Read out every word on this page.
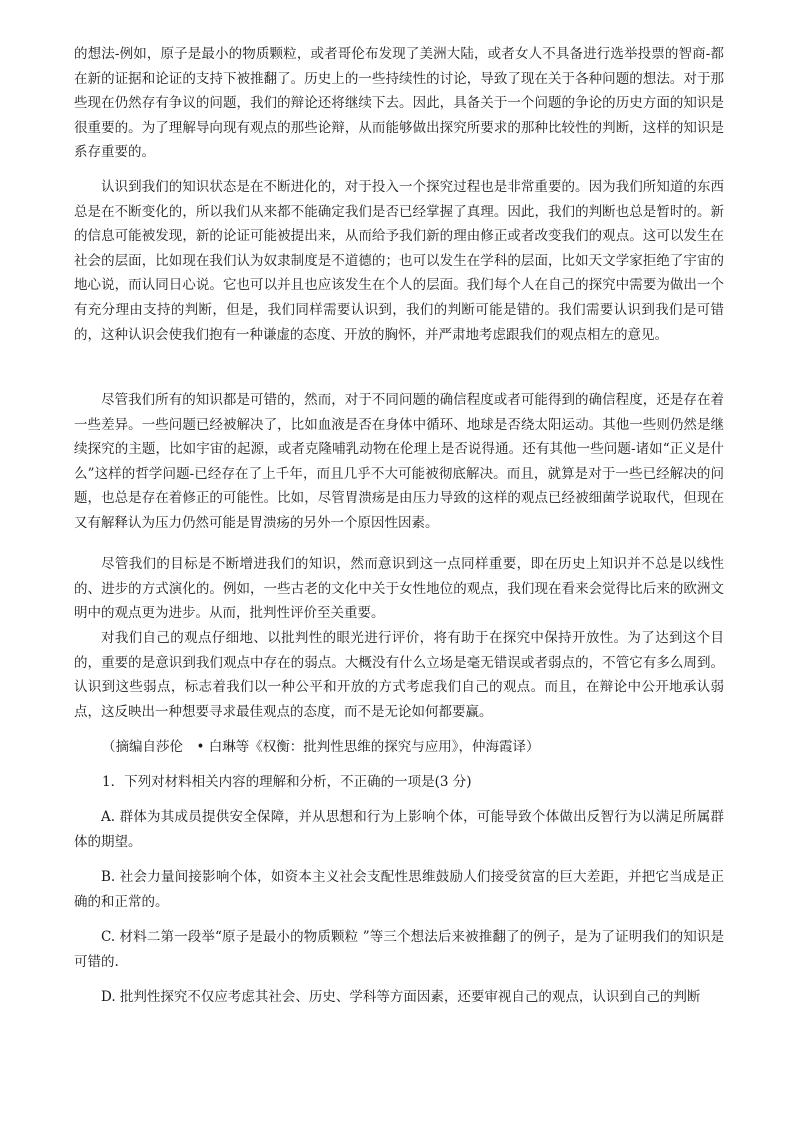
的想法-例如，原子是最小的物质颗粒，或者哥伦布发现了美洲大陆，或者女人不具备进行选举投票的智商-都在新的证据和论证的支持下被推翻了。历史上的一些持续性的讨论，导致了现在关于各种问题的想法。对于那些现在仍然存有争议的问题，我们的辩论还将继续下去。因此，具备关于一个问题的争论的历史方面的知识是很重要的。为了理解导向现有观点的那些论辩，从而能够做出探究所要求的那种比较性的判断，这样的知识是系存重要的。

认识到我们的知识状态是在不断进化的，对于投入一个探究过程也是非常重要的。因为我们所知道的东西总是在不断变化的，所以我们从来都不能确定我们是否已经掌握了真理。因此，我们的判断也总是暂时的。新的信息可能被发现，新的论证可能被提出来，从而给予我们新的理由修正或者改变我们的观点。这可以发生在社会的层面，比如现在我们认为奴隶制度是不道德的；也可以发生在学科的层面，比如天文学家拒绝了宇宙的地心说，而认同日心说。它也可以并且也应该发生在个人的层面。我们每个人在自己的探究中需要为做出一个有充分理由支持的判断，但是，我们同样需要认识到，我们的判断可能是错的。我们需要认识到我们是可错的，这种认识会使我们抱有一种谦虚的态度、开放的胸怀，并严肃地考虑跟我们的观点相左的意见。

尽管我们所有的知识都是可错的，然而，对于不同问题的确信程度或者可能得到的确信程度，还是存在着一些差异。一些问题已经被解决了，比如血液是否在身体中循环、地球是否绕太阳运动。其他一些则仍然是继续探究的主题，比如宇宙的起源，或者克隆哺乳动物在伦理上是否说得通。还有其他一些问题-诸如“正义是什么”这样的哲学问题-已经存在了上千年，而且几乎不大可能被彻底解决。而且，就算是对于一些已经解决的问题，也总是存在着修正的可能性。比如，尽管胃溃疡是由压力导致的这样的观点已经被细菌学说取代，但现在又有解释认为压力仍然可能是胃溃疡的另外一个原因性因素。

尽管我们的目标是不断增进我们的知识，然而意识到这一点同样重要，即在历史上知识并不总是以线性的、进步的方式演化的。例如，一些古老的文化中关于女性地位的观点，我们现在看来会觉得比后来的欧洲文明中的观点更为进步。从而，批判性评价至关重要。

对我们自己的观点仔细地、以批判性的眼光进行评价，将有助于在探究中保持开放性。为了达到这个目的，重要的是意识到我们观点中存在的弱点。大概没有什么立场是毫无错误或者弱点的，不管它有多么周到。认识到这些弱点，标志着我们以一种公平和开放的方式考虑我们自己的观点。而且，在辩论中公开地承认弱点，这反映出一种想要寻求最佳观点的态度，而不是无论如何都要赢。

（摘编自莎伦　• 白琳等《权衡：批判性思维的探究与应用》，仲海霞译）

1．下列对材料相关内容的理解和分析，不正确的一项是(3 分)

A. 群体为其成员提供安全保障，并从思想和行为上影响个体，可能导致个体做出反智行为以满足所属群体的期望。

B. 社会力量间接影响个体，如资本主义社会支配性思维鼓励人们接受贫富的巨大差距，并把它当成是正确的和正常的。

C. 材料二第一段举“原子是最小的物质颗粒 ”等三个想法后来被推翻了的例子，是为了证明我们的知识是可错的.

D. 批判性探究不仅应考虑其社会、历史、学科等方面因素，还要审视自己的观点，认识到自己的判断
